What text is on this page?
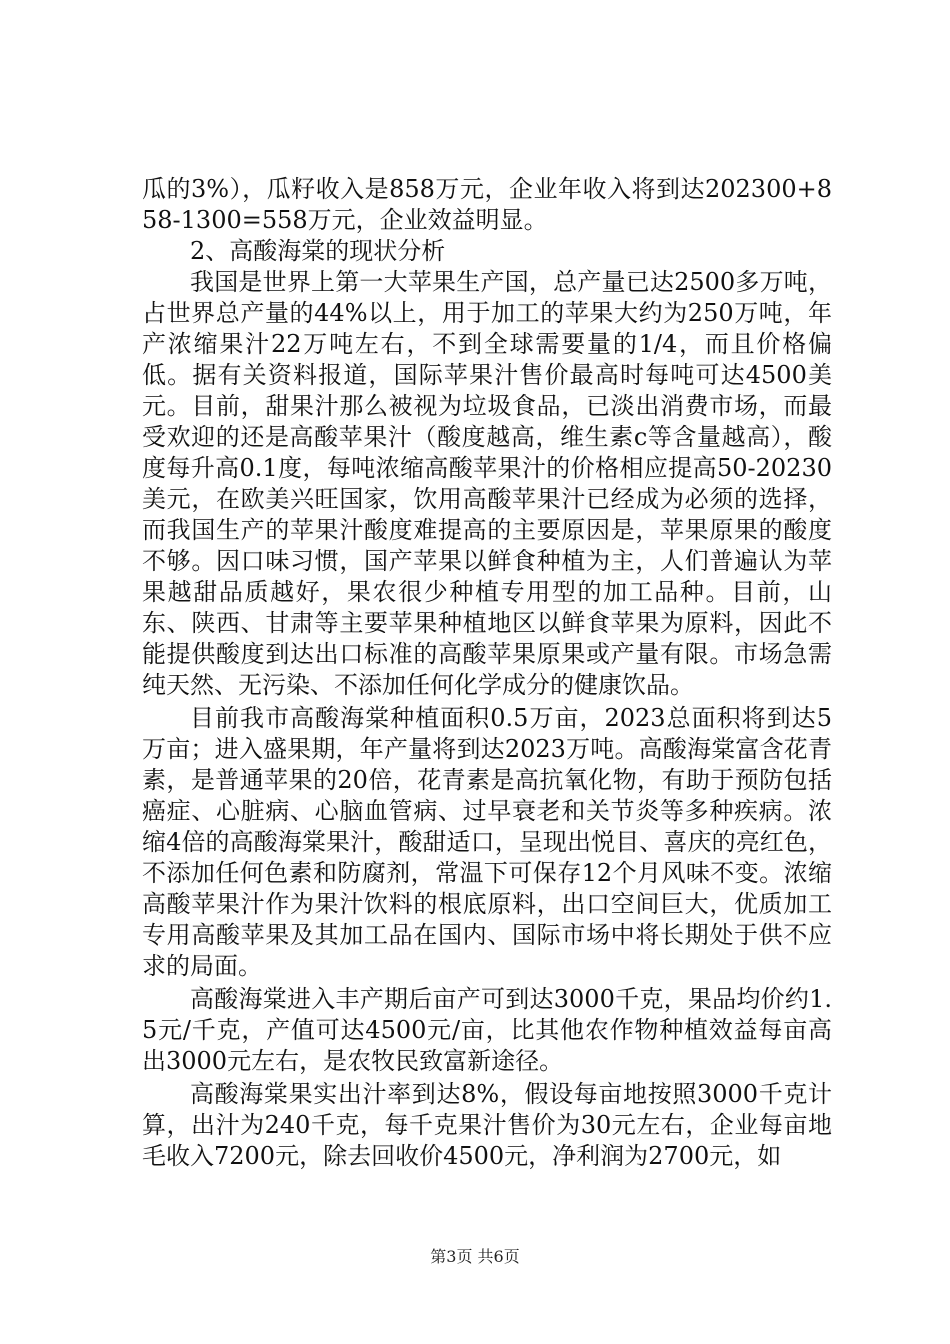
瓜的3%），瓜籽收入是858万元，企业年收入将到达202300+858-1300=558万元，企业效益明显。

2、高酸海棠的现状分析

我国是世界上第一大苹果生产国，总产量已达2500多万吨，占世界总产量的44%以上，用于加工的苹果大约为250万吨，年产浓缩果汁22万吨左右，不到全球需要量的1/4，而且价格偏低。据有关资料报道，国际苹果汁售价最高时每吨可达4500美元。目前，甜果汁那么被视为垃圾食品，已淡出消费市场，而最受欢迎的还是高酸苹果汁（酸度越高，维生素c等含量越高），酸度每升高0.1度，每吨浓缩高酸苹果汁的价格相应提高50-20230美元，在欧美兴旺国家，饮用高酸苹果汁已经成为必须的选择，而我国生产的苹果汁酸度难提高的主要原因是，苹果原果的酸度不够。因口味习惯，国产苹果以鲜食种植为主，人们普遍认为苹果越甜品质越好，果农很少种植专用型的加工品种。目前，山东、陕西、甘肃等主要苹果种植地区以鲜食苹果为原料，因此不能提供酸度到达出口标准的高酸苹果原果或产量有限。市场急需纯天然、无污染、不添加任何化学成分的健康饮品。

目前我市高酸海棠种植面积0.5万亩，2023总面积将到达5万亩；进入盛果期，年产量将到达2023万吨。高酸海棠富含花青素，是普通苹果的20倍，花青素是高抗氧化物，有助于预防包括癌症、心脏病、心脑血管病、过早衰老和关节炎等多种疾病。浓缩4倍的高酸海棠果汁，酸甜适口，呈现出悦目、喜庆的亮红色，不添加任何色素和防腐剂，常温下可保存12个月风味不变。浓缩高酸苹果汁作为果汁饮料的根底原料，出口空间巨大，优质加工专用高酸苹果及其加工品在国内、国际市场中将长期处于供不应求的局面。

高酸海棠进入丰产期后亩产可到达3000千克，果品均价约1.5元/千克，产值可达4500元/亩，比其他农作物种植效益每亩高出3000元左右，是农牧民致富新途径。

高酸海棠果实出汁率到达8%，假设每亩地按照3000千克计算，出汁为240千克，每千克果汁售价为30元左右，企业每亩地毛收入7200元，除去回收价4500元，净利润为2700元，如

第3页 共6页
